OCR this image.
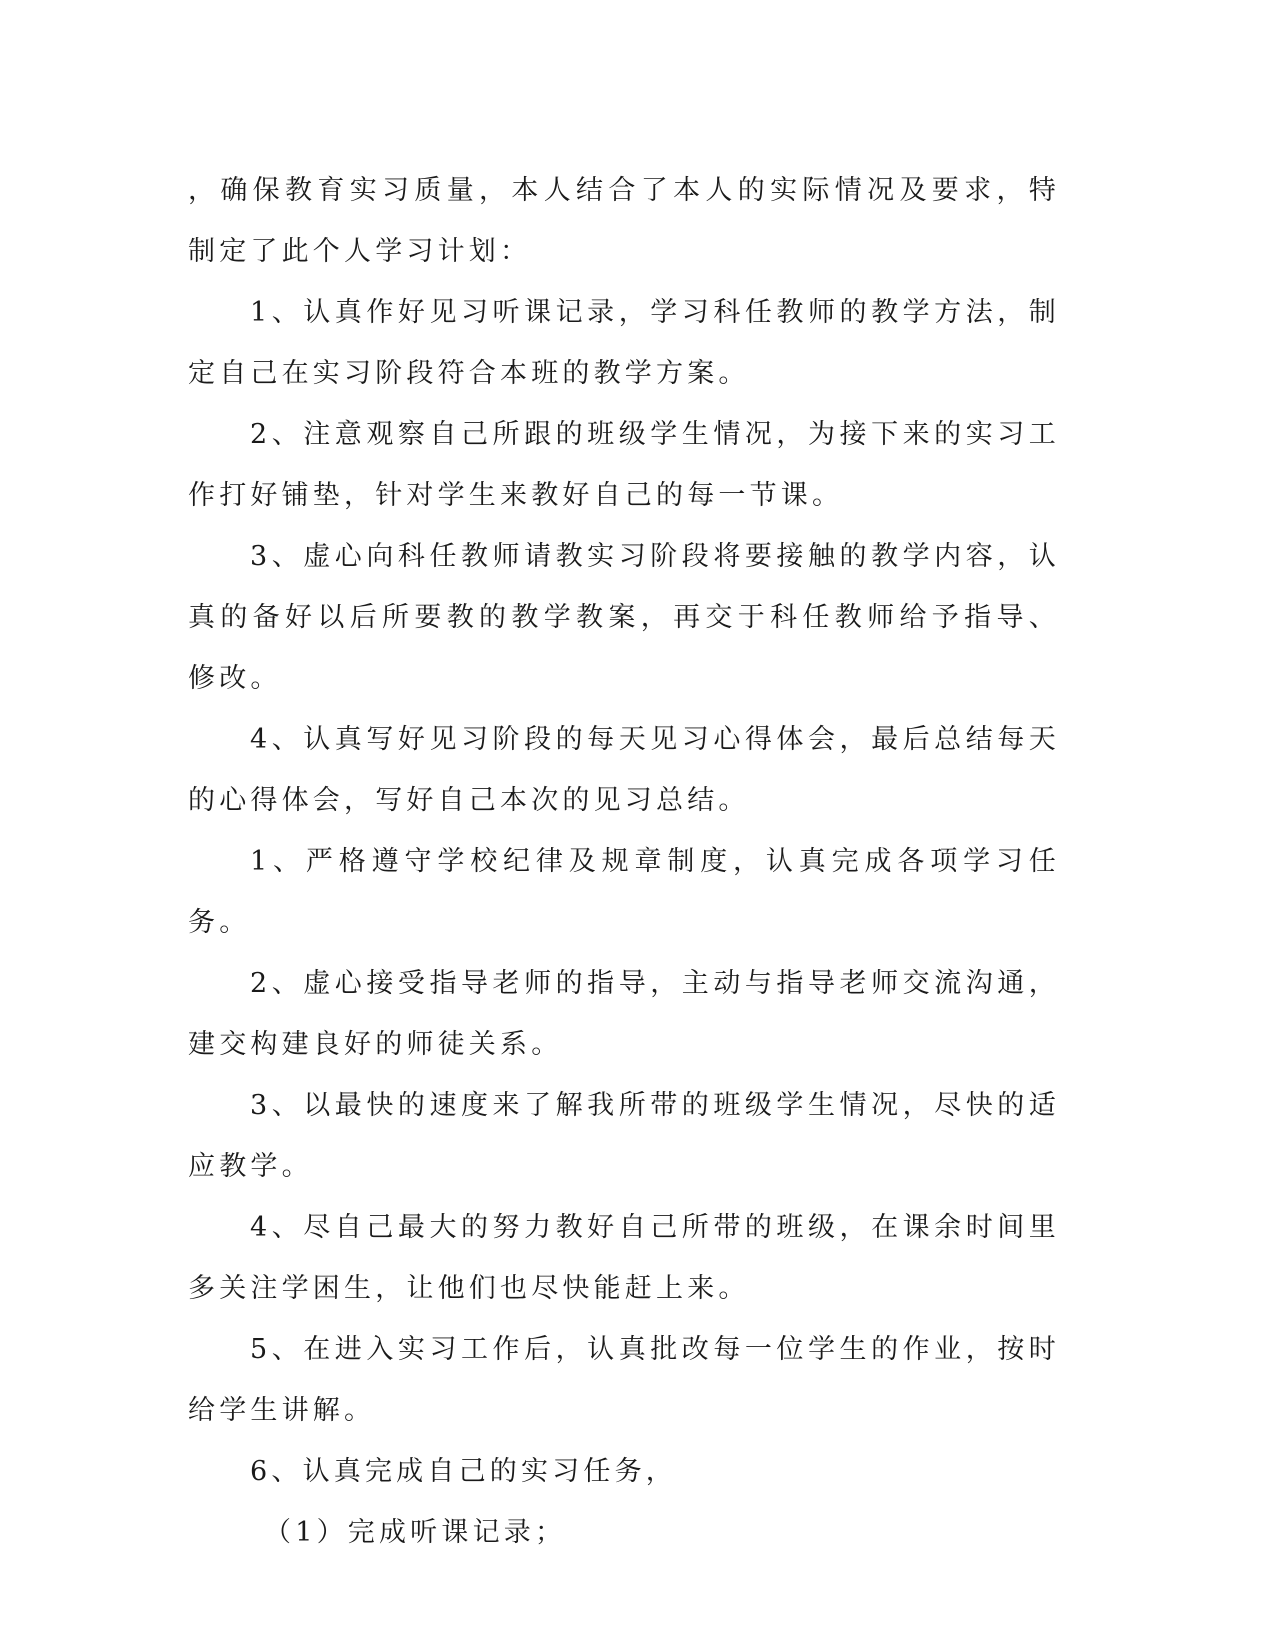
，确保教育实习质量，本人结合了本人的实际情况及要求，特制定了此个人学习计划：

1、认真作好见习听课记录，学习科任教师的教学方法，制定自己在实习阶段符合本班的教学方案。

2、注意观察自己所跟的班级学生情况，为接下来的实习工作打好铺垫，针对学生来教好自己的每一节课。

3、虚心向科任教师请教实习阶段将要接触的教学内容，认真的备好以后所要教的教学教案，再交于科任教师给予指导、修改。

4、认真写好见习阶段的每天见习心得体会，最后总结每天的心得体会，写好自己本次的见习总结。

1、严格遵守学校纪律及规章制度，认真完成各项学习任务。

2、虚心接受指导老师的指导，主动与指导老师交流沟通，建交构建良好的师徒关系。

3、以最快的速度来了解我所带的班级学生情况，尽快的适应教学。

4、尽自己最大的努力教好自己所带的班级，在课余时间里多关注学困生，让他们也尽快能赶上来。

5、在进入实习工作后，认真批改每一位学生的作业，按时给学生讲解。

6、认真完成自己的实习任务，

（1）完成听课记录；
